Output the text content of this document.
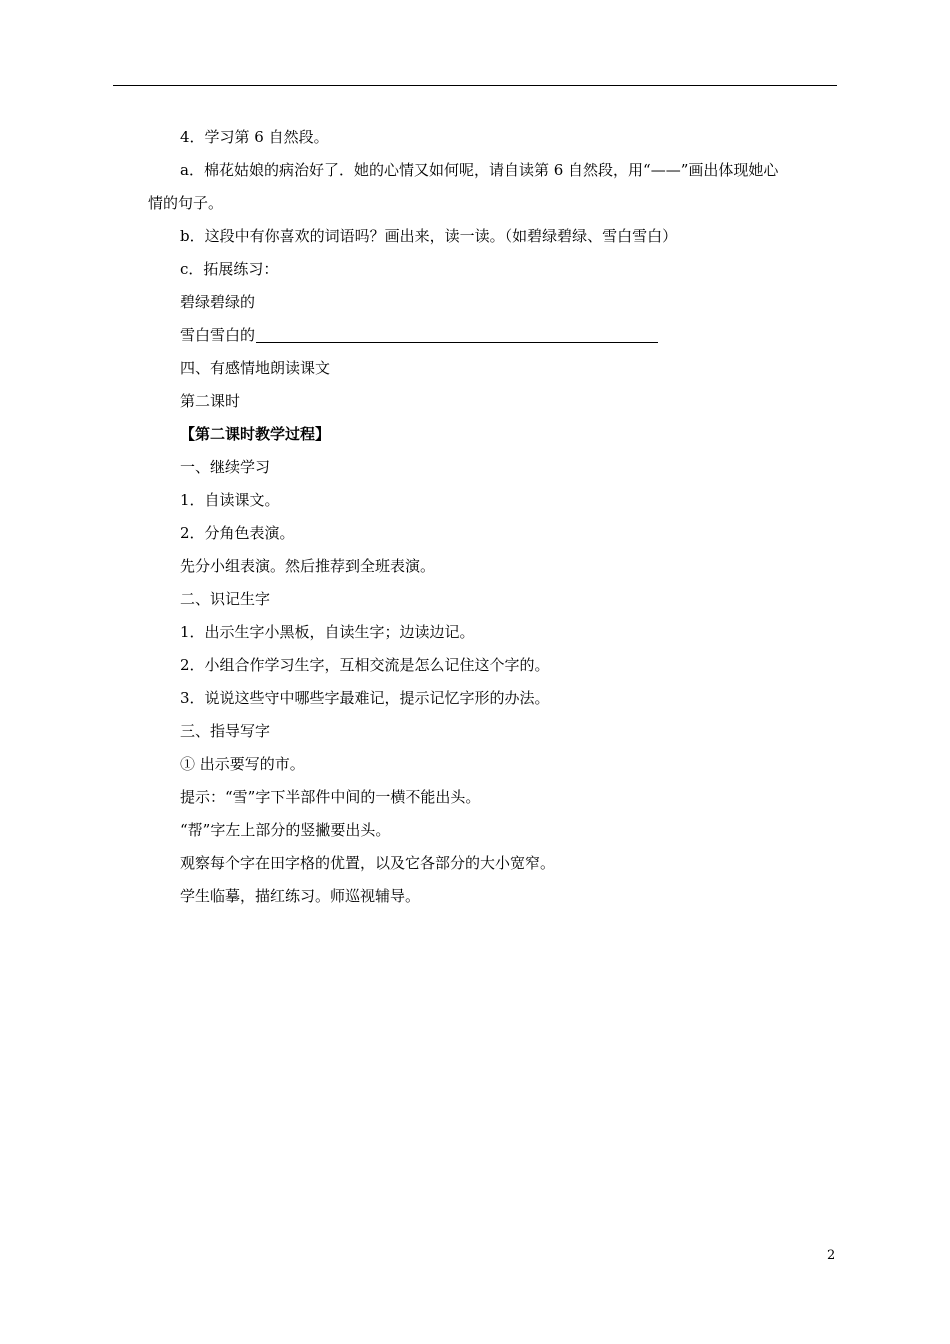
4．学习第 6 自然段。
a．棉花姑娘的病治好了．她的心情又如何呢，请自读第 6 自然段，用“——”画出体现她心
情的句子。
b．这段中有你喜欢的词语吗？画出来，读一读。（如碧绿碧绿、雪白雪白）
c．拓展练习：
碧绿碧绿的
雪白雪白的
四、有感情地朗读课文
第二课时
【第二课时教学过程】
一、继续学习
1．自读课文。
2．分角色表演。
先分小组表演。然后推荐到全班表演。
二、识记生字
1．出示生字小黑板，自读生字；边读边记。
2．小组合作学习生字，互相交流是怎么记住这个字的。
3．说说这些守中哪些字最难记，提示记忆字形的办法。
三、指导写字
① 出示要写的市。
提示：“雪”字下半部件中间的一横不能出头。
“帮”字左上部分的竖撇要出头。
观察每个字在田字格的优置，以及它各部分的大小宽窄。
学生临摹，描红练习。师巡视辅导。
2
